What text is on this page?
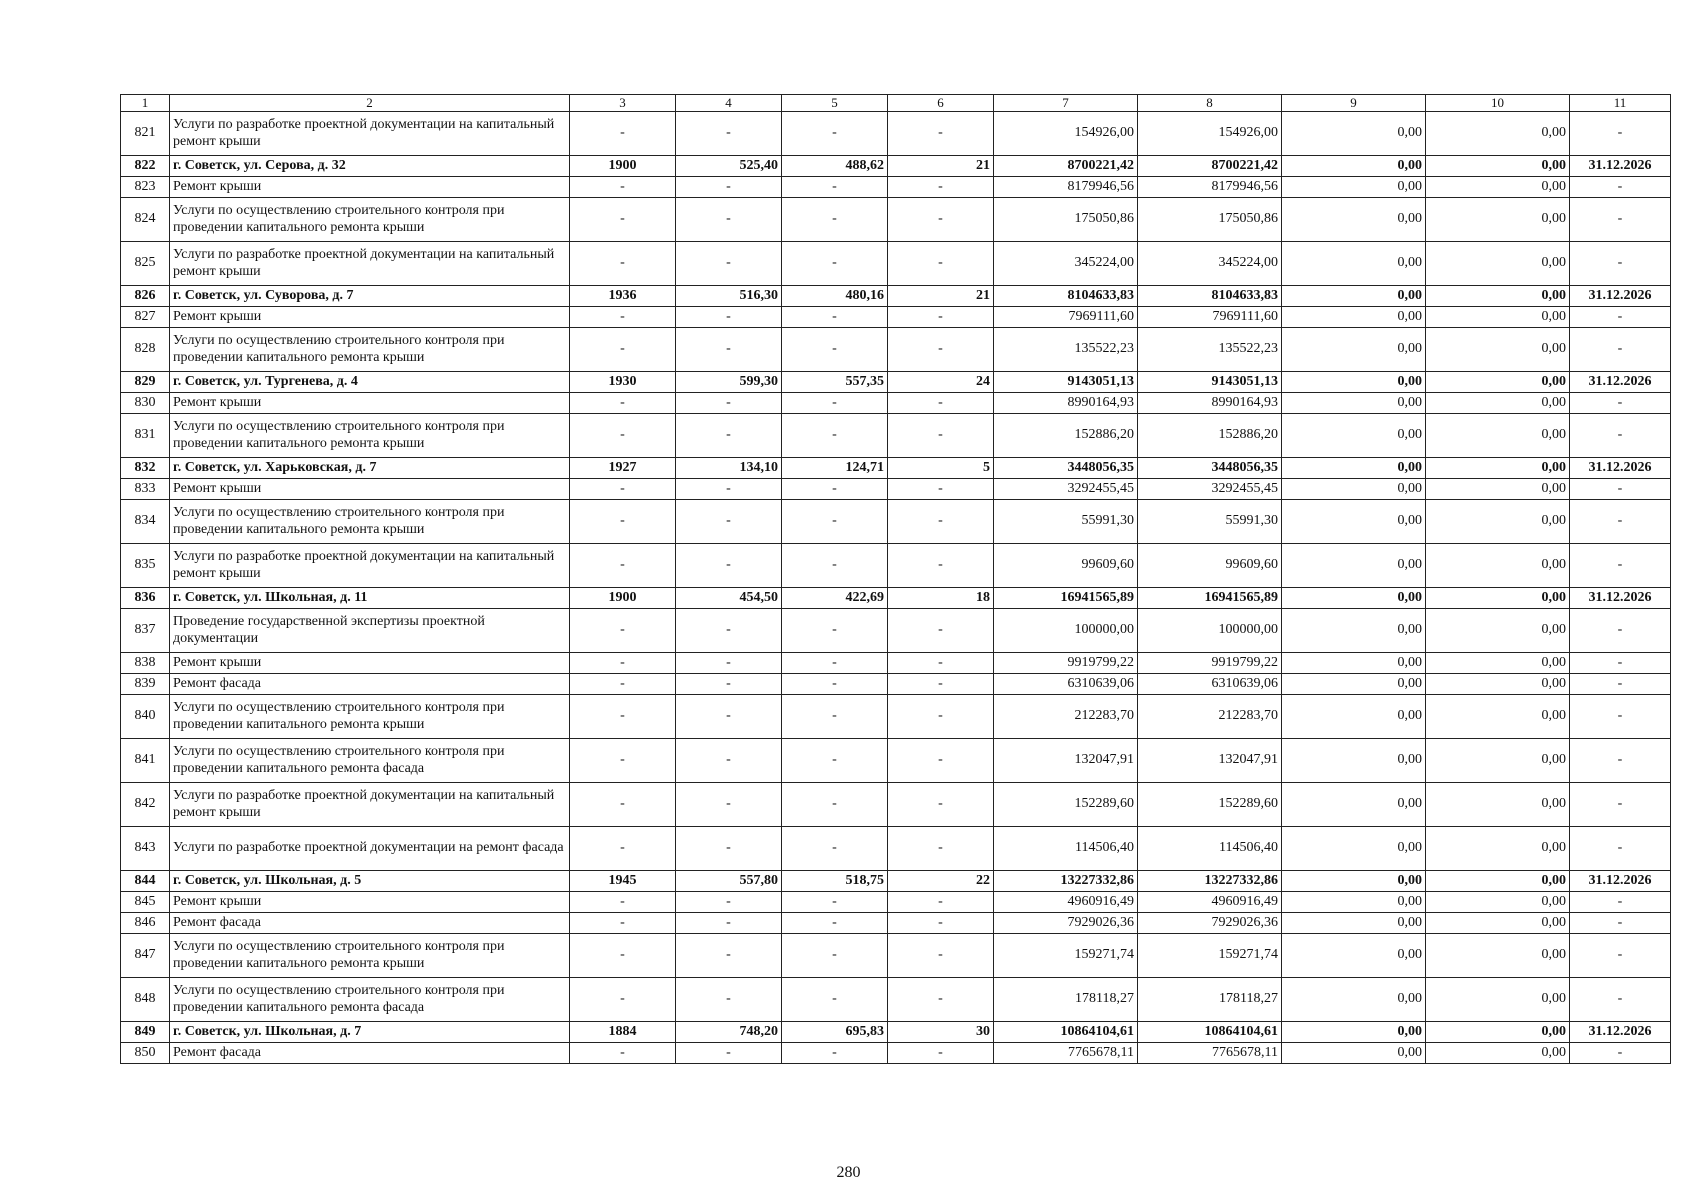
1	2	3	4	5	6	7	8	9	10	11
821	Услуги по разработке проектной документации на капитальный ремонт крыши	-	-	-	-	154926,00	154926,00	0,00	0,00	-
822	г. Советск, ул. Серова, д. 32	1900	525,40	488,62	21	8700221,42	8700221,42	0,00	0,00	31.12.2026
823	Ремонт крыши	-	-	-	-	8179946,56	8179946,56	0,00	0,00	-
824	Услуги по осуществлению строительного контроля при проведении капитального ремонта крыши	-	-	-	-	175050,86	175050,86	0,00	0,00	-
825	Услуги по разработке проектной документации на капитальный ремонт крыши	-	-	-	-	345224,00	345224,00	0,00	0,00	-
826	г. Советск, ул. Суворова, д. 7	1936	516,30	480,16	21	8104633,83	8104633,83	0,00	0,00	31.12.2026
827	Ремонт крыши	-	-	-	-	7969111,60	7969111,60	0,00	0,00	-
828	Услуги по осуществлению строительного контроля при проведении капитального ремонта крыши	-	-	-	-	135522,23	135522,23	0,00	0,00	-
829	г. Советск, ул. Тургенева, д. 4	1930	599,30	557,35	24	9143051,13	9143051,13	0,00	0,00	31.12.2026
830	Ремонт крыши	-	-	-	-	8990164,93	8990164,93	0,00	0,00	-
831	Услуги по осуществлению строительного контроля при проведении капитального ремонта крыши	-	-	-	-	152886,20	152886,20	0,00	0,00	-
832	г. Советск, ул. Харьковская, д. 7	1927	134,10	124,71	5	3448056,35	3448056,35	0,00	0,00	31.12.2026
833	Ремонт крыши	-	-	-	-	3292455,45	3292455,45	0,00	0,00	-
834	Услуги по осуществлению строительного контроля при проведении капитального ремонта крыши	-	-	-	-	55991,30	55991,30	0,00	0,00	-
835	Услуги по разработке проектной документации на капитальный ремонт крыши	-	-	-	-	99609,60	99609,60	0,00	0,00	-
836	г. Советск, ул. Школьная, д. 11	1900	454,50	422,69	18	16941565,89	16941565,89	0,00	0,00	31.12.2026
837	Проведение государственной экспертизы проектной документации	-	-	-	-	100000,00	100000,00	0,00	0,00	-
838	Ремонт крыши	-	-	-	-	9919799,22	9919799,22	0,00	0,00	-
839	Ремонт фасада	-	-	-	-	6310639,06	6310639,06	0,00	0,00	-
840	Услуги по осуществлению строительного контроля при проведении капитального ремонта крыши	-	-	-	-	212283,70	212283,70	0,00	0,00	-
841	Услуги по осуществлению строительного контроля при проведении капитального ремонта фасада	-	-	-	-	132047,91	132047,91	0,00	0,00	-
842	Услуги по разработке проектной документации на капитальный ремонт крыши	-	-	-	-	152289,60	152289,60	0,00	0,00	-
843	Услуги по разработке проектной документации на ремонт фасада	-	-	-	-	114506,40	114506,40	0,00	0,00	-
844	г. Советск, ул. Школьная, д. 5	1945	557,80	518,75	22	13227332,86	13227332,86	0,00	0,00	31.12.2026
845	Ремонт крыши	-	-	-	-	4960916,49	4960916,49	0,00	0,00	-
846	Ремонт фасада	-	-	-	-	7929026,36	7929026,36	0,00	0,00	-
847	Услуги по осуществлению строительного контроля при проведении капитального ремонта крыши	-	-	-	-	159271,74	159271,74	0,00	0,00	-
848	Услуги по осуществлению строительного контроля при проведении капитального ремонта фасада	-	-	-	-	178118,27	178118,27	0,00	0,00	-
849	г. Советск, ул. Школьная, д. 7	1884	748,20	695,83	30	10864104,61	10864104,61	0,00	0,00	31.12.2026
850	Ремонт фасада	-	-	-	-	7765678,11	7765678,11	0,00	0,00	-
280
